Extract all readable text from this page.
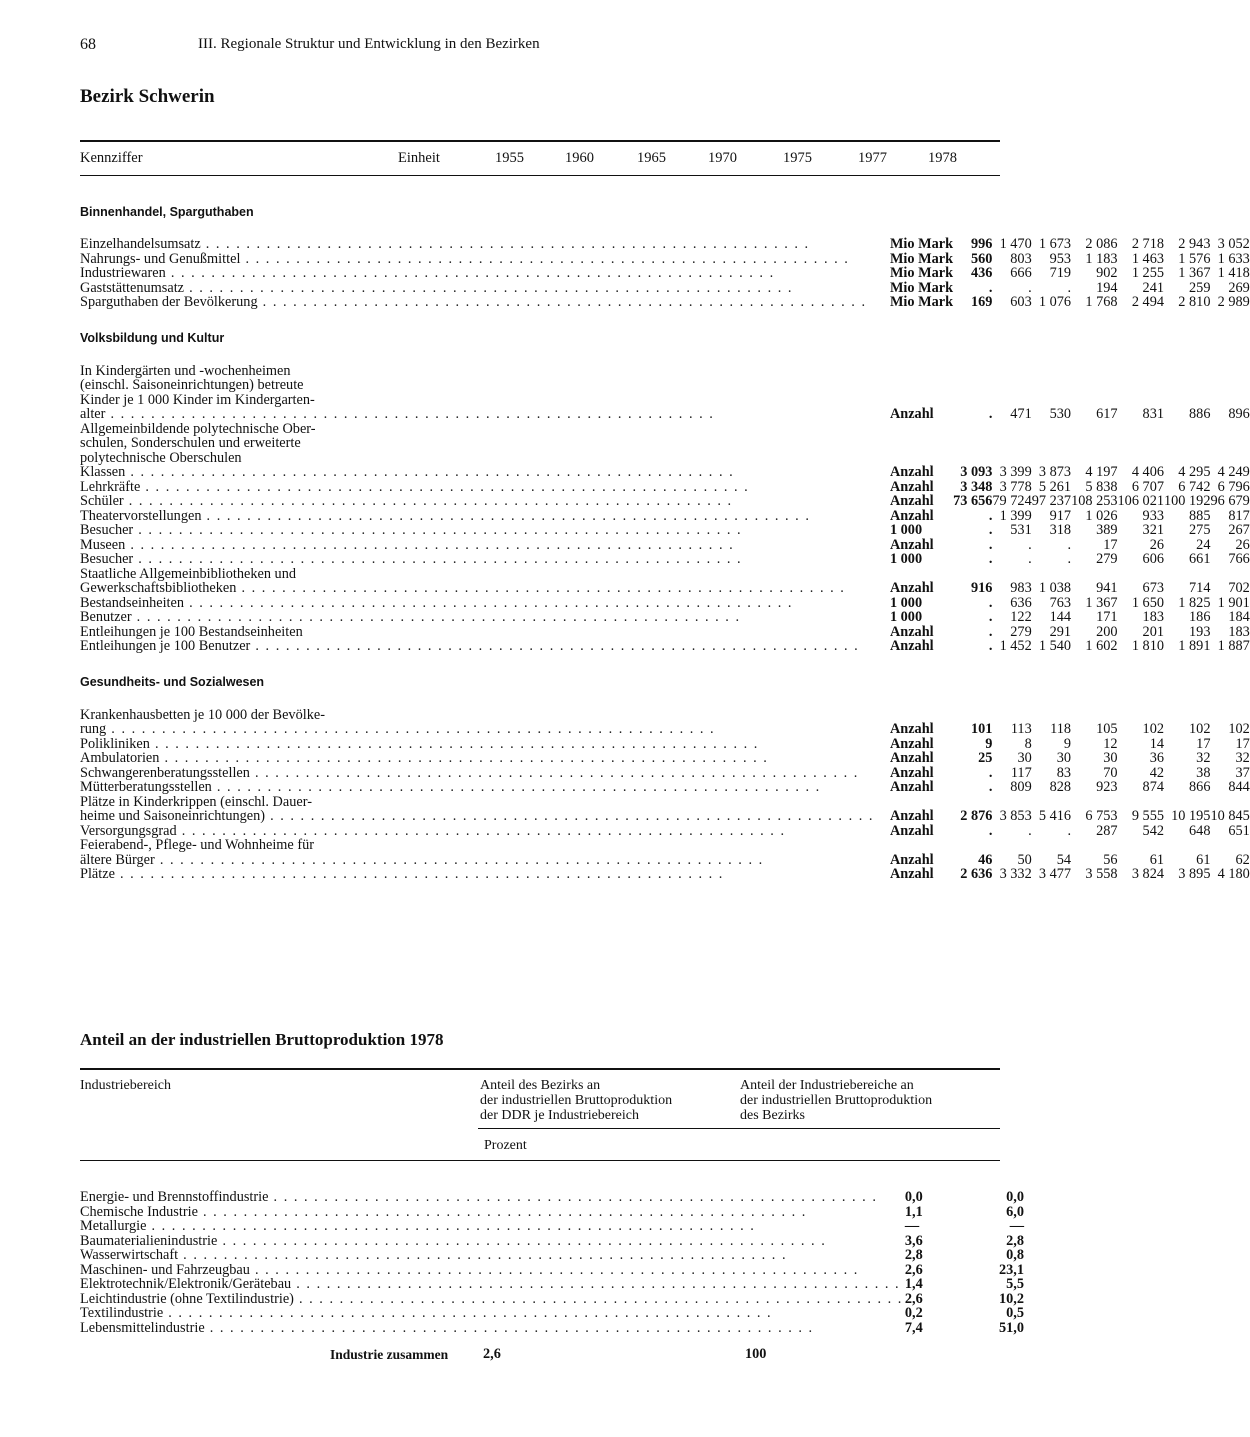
68	III. Regionale Struktur und Entwicklung in den Bezirken
Bezirk Schwerin
Kennziffer	Einheit	1955	1960	1965	1970	1975	1977	1978
Binnenhandel, Sparguthaben								

Einzelhandelsumsatz . . . . . . . . . . . . . . . . . . . . . . . . . . . . . . . . . . . . . . . . . . . . . . . . . . . . . . . . . . . .	Mio Mark	996	1 470	1 673	2 086	2 718	2 943	3 052
Nahrungs- und Genußmittel . . . . . . . . . . . . . . . . . . . . . . . . . . . . . . . . . . . . . . . . . . . . . . . . . . . . . . . . . . . .	Mio Mark	560	803	953	1 183	1 463	1 576	1 633
Industriewaren . . . . . . . . . . . . . . . . . . . . . . . . . . . . . . . . . . . . . . . . . . . . . . . . . . . . . . . . . . . .	Mio Mark	436	666	719	902	1 255	1 367	1 418
Gaststättenumsatz . . . . . . . . . . . . . . . . . . . . . . . . . . . . . . . . . . . . . . . . . . . . . . . . . . . . . . . . . . . .	Mio Mark	.	.	.	194	241	259	269
Sparguthaben der Bevölkerung . . . . . . . . . . . . . . . . . . . . . . . . . . . . . . . . . . . . . . . . . . . . . . . . . . . . . . . . . . . .	Mio Mark	169	603	1 076	1 768	2 494	2 810	2 989
Volksbildung und Kultur								

In Kindergärten und -wochenheimen								
(einschl. Saisoneinrichtungen) betreute								
Kinder je 1 000 Kinder im Kindergarten-								
alter . . . . . . . . . . . . . . . . . . . . . . . . . . . . . . . . . . . . . . . . . . . . . . . . . . . . . . . . . . . .	Anzahl	.	471	530	617	831	886	896
Allgemeinbildende polytechnische Ober-								
schulen, Sonderschulen und erweiterte								
polytechnische Oberschulen								
Klassen . . . . . . . . . . . . . . . . . . . . . . . . . . . . . . . . . . . . . . . . . . . . . . . . . . . . . . . . . . . .	Anzahl	3 093	3 399	3 873	4 197	4 406	4 295	4 249
Lehrkräfte . . . . . . . . . . . . . . . . . . . . . . . . . . . . . . . . . . . . . . . . . . . . . . . . . . . . . . . . . . . .	Anzahl	3 348	3 778	5 261	5 838	6 707	6 742	6 796
Schüler . . . . . . . . . . . . . . . . . . . . . . . . . . . . . . . . . . . . . . . . . . . . . . . . . . . . . . . . . . . .	Anzahl	73 656	79 724	97 237	108 253	106 021	100 192	96 679
Theatervorstellungen . . . . . . . . . . . . . . . . . . . . . . . . . . . . . . . . . . . . . . . . . . . . . . . . . . . . . . . . . . . .	Anzahl	.	1 399	917	1 026	933	885	817
Besucher . . . . . . . . . . . . . . . . . . . . . . . . . . . . . . . . . . . . . . . . . . . . . . . . . . . . . . . . . . . .	1 000	.	531	318	389	321	275	267
Museen . . . . . . . . . . . . . . . . . . . . . . . . . . . . . . . . . . . . . . . . . . . . . . . . . . . . . . . . . . . .	Anzahl	.	.	.	17	26	24	26
Besucher . . . . . . . . . . . . . . . . . . . . . . . . . . . . . . . . . . . . . . . . . . . . . . . . . . . . . . . . . . . .	1 000	.	.	.	279	606	661	766
Staatliche Allgemeinbibliotheken und								
Gewerkschaftsbibliotheken . . . . . . . . . . . . . . . . . . . . . . . . . . . . . . . . . . . . . . . . . . . . . . . . . . . . . . . . . . . .	Anzahl	916	983	1 038	941	673	714	702
Bestandseinheiten . . . . . . . . . . . . . . . . . . . . . . . . . . . . . . . . . . . . . . . . . . . . . . . . . . . . . . . . . . . .	1 000	.	636	763	1 367	1 650	1 825	1 901
Benutzer . . . . . . . . . . . . . . . . . . . . . . . . . . . . . . . . . . . . . . . . . . . . . . . . . . . . . . . . . . . .	1 000	.	122	144	171	183	186	184
Entleihungen je 100 Bestandseinheiten	Anzahl	.	279	291	200	201	193	183
Entleihungen je 100 Benutzer . . . . . . . . . . . . . . . . . . . . . . . . . . . . . . . . . . . . . . . . . . . . . . . . . . . . . . . . . . . .	Anzahl	.	1 452	1 540	1 602	1 810	1 891	1 887
Gesundheits- und Sozialwesen								

Krankenhausbetten je 10 000 der Bevölke-								
rung . . . . . . . . . . . . . . . . . . . . . . . . . . . . . . . . . . . . . . . . . . . . . . . . . . . . . . . . . . . .	Anzahl	101	113	118	105	102	102	102
Polikliniken . . . . . . . . . . . . . . . . . . . . . . . . . . . . . . . . . . . . . . . . . . . . . . . . . . . . . . . . . . . .	Anzahl	9	8	9	12	14	17	17
Ambulatorien . . . . . . . . . . . . . . . . . . . . . . . . . . . . . . . . . . . . . . . . . . . . . . . . . . . . . . . . . . . .	Anzahl	25	30	30	30	36	32	32
Schwangerenberatungsstellen . . . . . . . . . . . . . . . . . . . . . . . . . . . . . . . . . . . . . . . . . . . . . . . . . . . . . . . . . . . .	Anzahl	.	117	83	70	42	38	37
Mütterberatungsstellen . . . . . . . . . . . . . . . . . . . . . . . . . . . . . . . . . . . . . . . . . . . . . . . . . . . . . . . . . . . .	Anzahl	.	809	828	923	874	866	844
Plätze in Kinderkrippen (einschl. Dauer-								
heime und Saisoneinrichtungen) . . . . . . . . . . . . . . . . . . . . . . . . . . . . . . . . . . . . . . . . . . . . . . . . . . . . . . . . . . . .	Anzahl	2 876	3 853	5 416	6 753	9 555	10 195	10 845
Versorgungsgrad . . . . . . . . . . . . . . . . . . . . . . . . . . . . . . . . . . . . . . . . . . . . . . . . . . . . . . . . . . . .	Anzahl	.	.	.	287	542	648	651
Feierabend-, Pflege- und Wohnheime für								
ältere Bürger . . . . . . . . . . . . . . . . . . . . . . . . . . . . . . . . . . . . . . . . . . . . . . . . . . . . . . . . . . . .	Anzahl	46	50	54	56	61	61	62
Plätze . . . . . . . . . . . . . . . . . . . . . . . . . . . . . . . . . . . . . . . . . . . . . . . . . . . . . . . . . . . .	Anzahl	2 636	3 332	3 477	3 558	3 824	3 895	4 180
Anteil an der industriellen Bruttoproduktion 1978
Industriebereich	Anteil des Bezirks an
der industriellen Bruttoproduktion
der DDR je Industriebereich
Anteil der Industriebereiche an
der industriellen Bruttoproduktion
des Bezirks
Prozent
Energie- und Brennstoffindustrie . . . . . . . . . . . . . . . . . . . . . . . . . . . . . . . . . . . . . . . . . . . . . . . . . . . . . . . . . . . .	0,0	0,0
Chemische Industrie . . . . . . . . . . . . . . . . . . . . . . . . . . . . . . . . . . . . . . . . . . . . . . . . . . . . . . . . . . . .	1,1	6,0
Metallurgie . . . . . . . . . . . . . . . . . . . . . . . . . . . . . . . . . . . . . . . . . . . . . . . . . . . . . . . . . . . .	—	—
Baumaterialienindustrie . . . . . . . . . . . . . . . . . . . . . . . . . . . . . . . . . . . . . . . . . . . . . . . . . . . . . . . . . . . .	3,6	2,8
Wasserwirtschaft . . . . . . . . . . . . . . . . . . . . . . . . . . . . . . . . . . . . . . . . . . . . . . . . . . . . . . . . . . . .	2,8	0,8
Maschinen- und Fahrzeugbau . . . . . . . . . . . . . . . . . . . . . . . . . . . . . . . . . . . . . . . . . . . . . . . . . . . . . . . . . . . .	2,6	23,1
Elektrotechnik/Elektronik/Gerätebau . . . . . . . . . . . . . . . . . . . . . . . . . . . . . . . . . . . . . . . . . . . . . . . . . . . . . . . . . . . .	1,4	5,5
Leichtindustrie (ohne Textilindustrie) . . . . . . . . . . . . . . . . . . . . . . . . . . . . . . . . . . . . . . . . . . . . . . . . . . . . . . . . . . . .	2,6	10,2
Textilindustrie . . . . . . . . . . . . . . . . . . . . . . . . . . . . . . . . . . . . . . . . . . . . . . . . . . . . . . . . . . . .	0,2	0,5
Lebensmittelindustrie . . . . . . . . . . . . . . . . . . . . . . . . . . . . . . . . . . . . . . . . . . . . . . . . . . . . . . . . . . . .	7,4	51,0
Industrie zusammen 2,6	100
